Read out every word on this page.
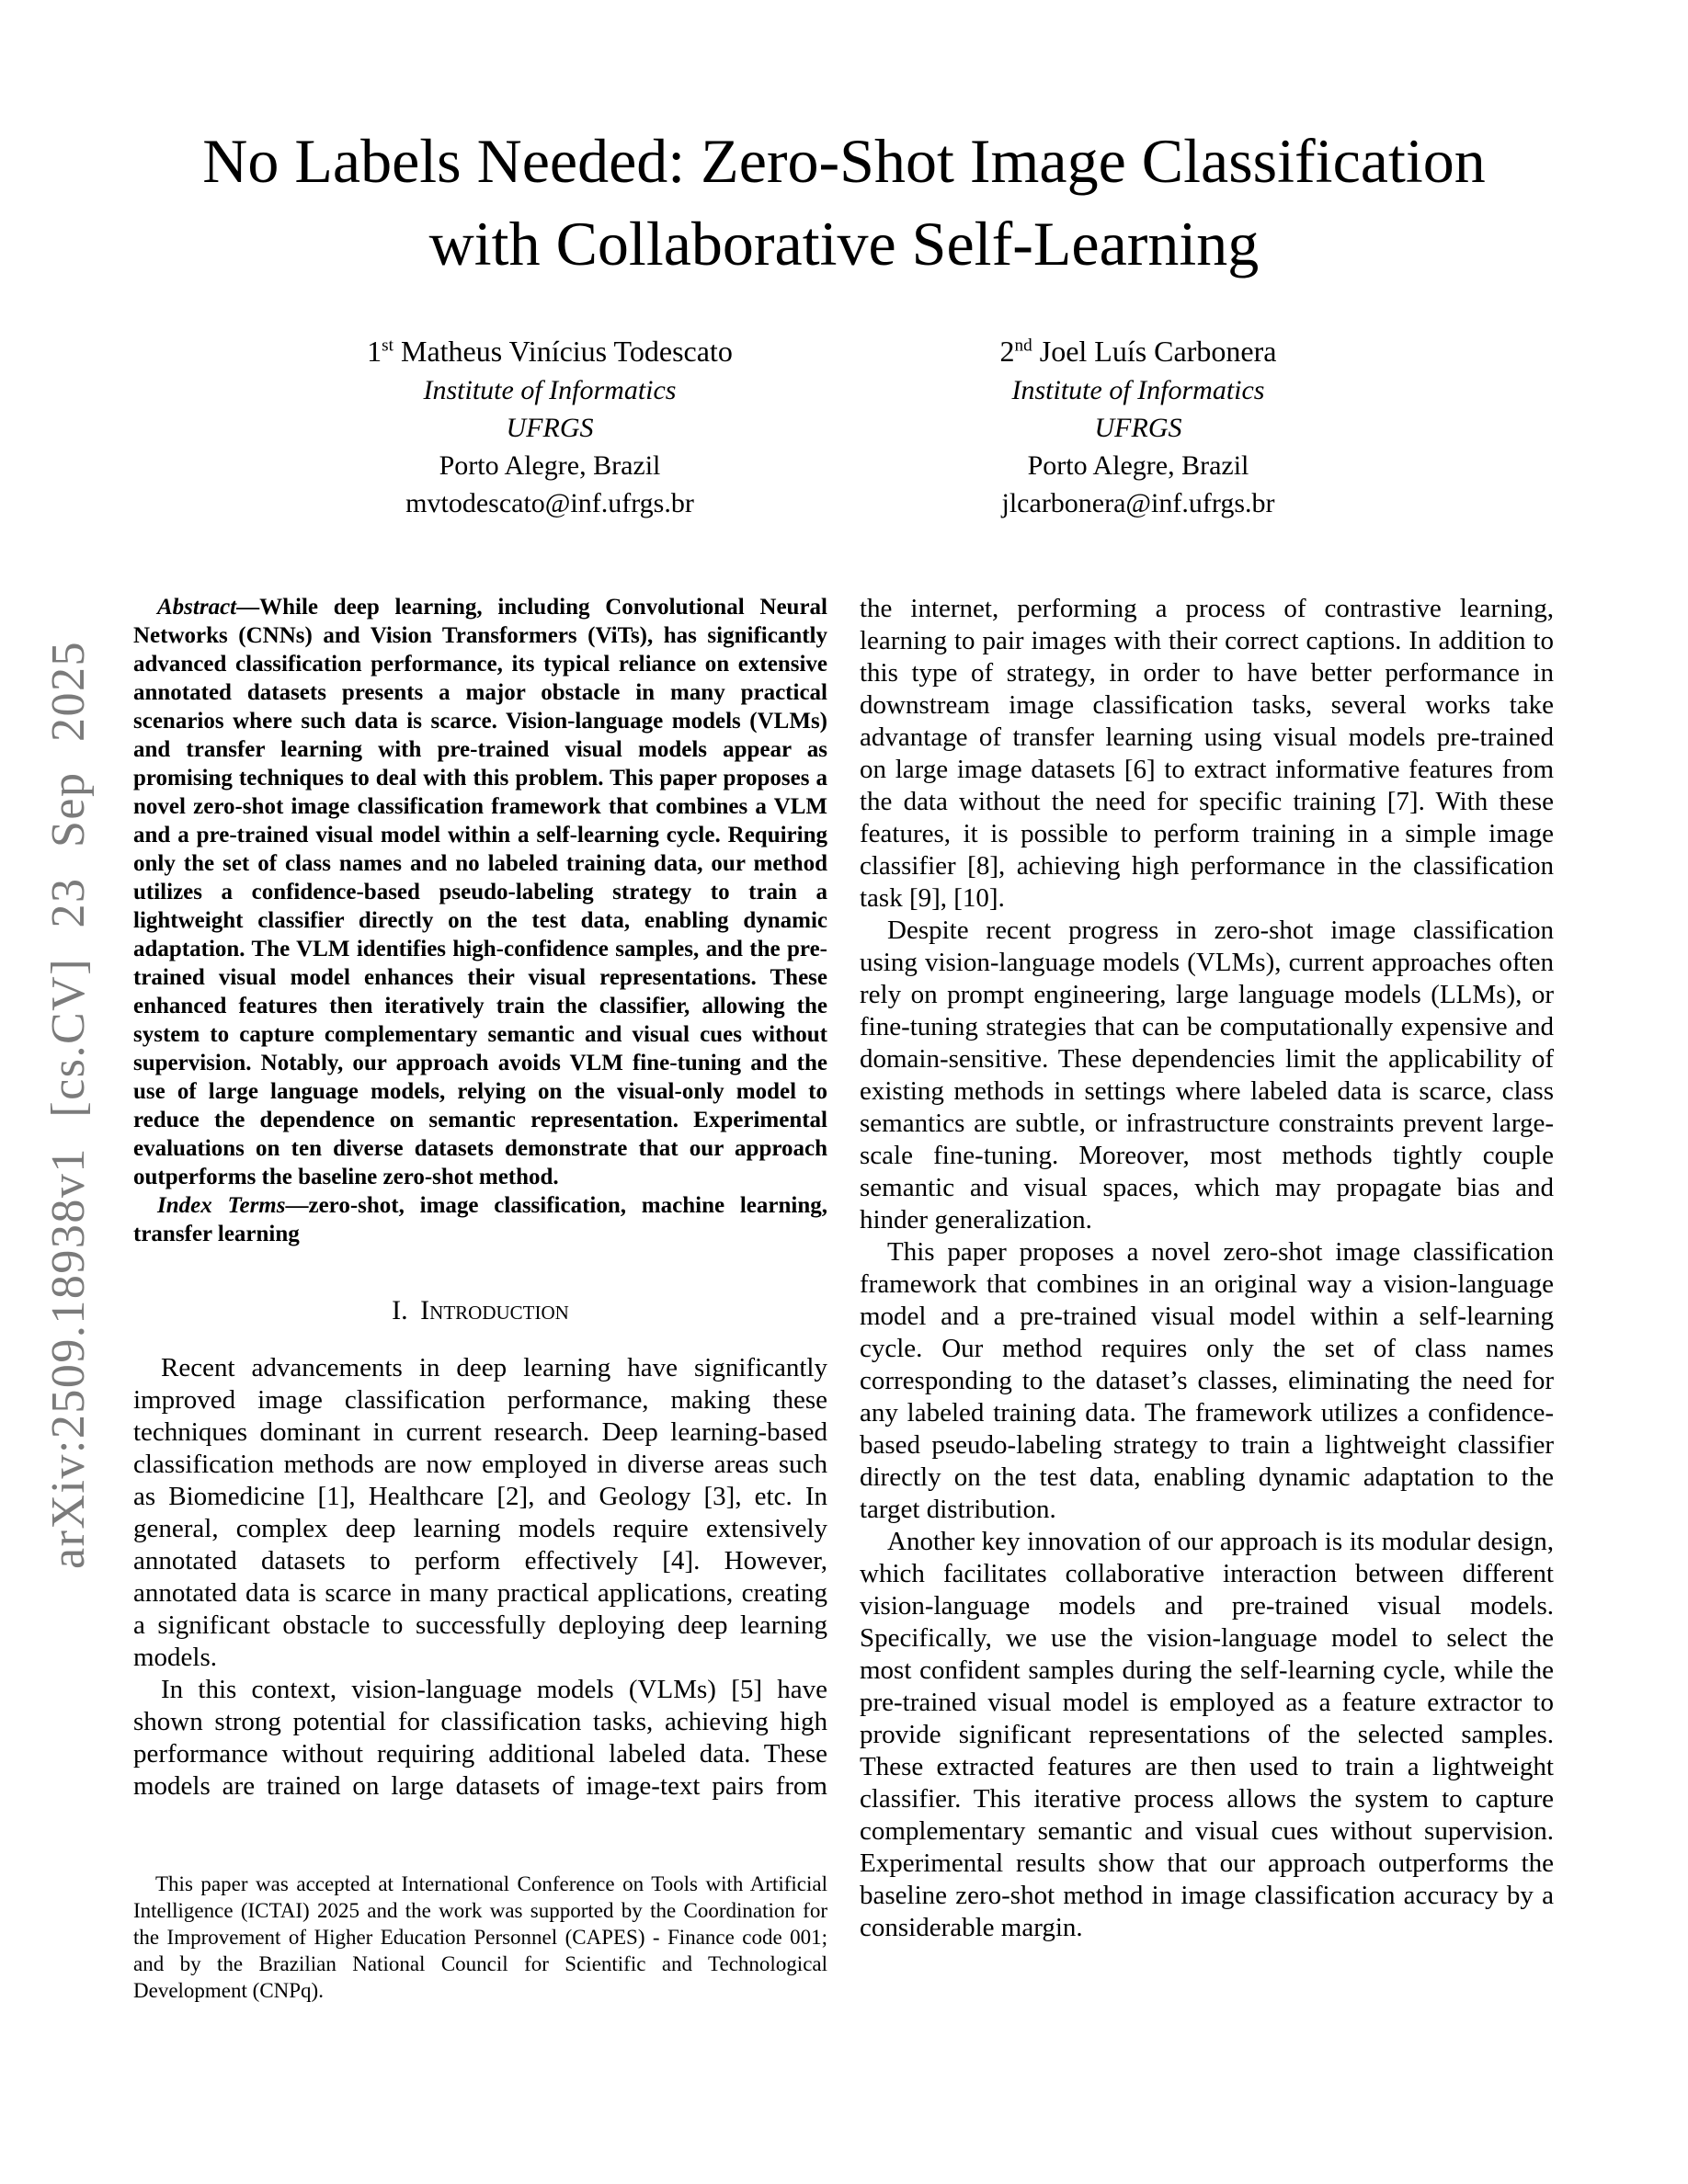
arXiv:2509.18938v1 [cs.CV] 23 Sep 2025
No Labels Needed: Zero-Shot Image Classification
with Collaborative Self-Learning
1st Matheus Vinícius Todescato
Institute of Informatics
UFRGS
Porto Alegre, Brazil
mvtodescato@inf.ufrgs.br
2nd Joel Luís Carbonera
Institute of Informatics
UFRGS
Porto Alegre, Brazil
jlcarbonera@inf.ufrgs.br

Abstract—While deep learning, including Convolutional Neural Networks (CNNs) and Vision Transformers (ViTs), has significantly advanced classification performance, its typical reliance on extensive annotated datasets presents a major obstacle in many practical scenarios where such data is scarce. Vision-language models (VLMs) and transfer learning with pre-trained visual models appear as promising techniques to deal with this problem. This paper proposes a novel zero-shot image classification framework that combines a VLM and a pre-trained visual model within a self-learning cycle. Requiring only the set of class names and no labeled training data, our method utilizes a confidence-based pseudo-labeling strategy to train a lightweight classifier directly on the test data, enabling dynamic adaptation. The VLM identifies high-confidence samples, and the pre-trained visual model enhances their visual representations. These enhanced features then iteratively train the classifier, allowing the system to capture complementary semantic and visual cues without supervision. Notably, our approach avoids VLM fine-tuning and the use of large language models, relying on the visual-only model to reduce the dependence on semantic representation. Experimental evaluations on ten diverse datasets demonstrate that our approach outperforms the baseline zero-shot method.

Index Terms—zero-shot, image classification, machine learning, transfer learning

I. Introduction

Recent advancements in deep learning have significantly improved image classification performance, making these techniques dominant in current research. Deep learning-based classification methods are now employed in diverse areas such as Biomedicine [1], Healthcare [2], and Geology [3], etc. In general, complex deep learning models require extensively annotated datasets to perform effectively [4]. However, annotated data is scarce in many practical applications, creating a significant obstacle to successfully deploying deep learning models.

In this context, vision-language models (VLMs) [5] have shown strong potential for classification tasks, achieving high performance without requiring additional labeled data. These models are trained on large datasets of image-text pairs from

This paper was accepted at International Conference on Tools with Artificial Intelligence (ICTAI) 2025 and the work was supported by the Coordination for the Improvement of Higher Education Personnel (CAPES) - Finance code 001; and by the Brazilian National Council for Scientific and Technological Development (CNPq).

the internet, performing a process of contrastive learning, learning to pair images with their correct captions. In addition to this type of strategy, in order to have better performance in downstream image classification tasks, several works take advantage of transfer learning using visual models pre-trained on large image datasets [6] to extract informative features from the data without the need for specific training [7]. With these features, it is possible to perform training in a simple image classifier [8], achieving high performance in the classification task [9], [10].

Despite recent progress in zero-shot image classification using vision-language models (VLMs), current approaches often rely on prompt engineering, large language models (LLMs), or fine-tuning strategies that can be computationally expensive and domain-sensitive. These dependencies limit the applicability of existing methods in settings where labeled data is scarce, class semantics are subtle, or infrastructure constraints prevent large-scale fine-tuning. Moreover, most methods tightly couple semantic and visual spaces, which may propagate bias and hinder generalization.

This paper proposes a novel zero-shot image classification framework that combines in an original way a vision-language model and a pre-trained visual model within a self-learning cycle. Our method requires only the set of class names corresponding to the dataset’s classes, eliminating the need for any labeled training data. The framework utilizes a confidence-based pseudo-labeling strategy to train a lightweight classifier directly on the test data, enabling dynamic adaptation to the target distribution.

Another key innovation of our approach is its modular design, which facilitates collaborative interaction between different vision-language models and pre-trained visual models. Specifically, we use the vision-language model to select the most confident samples during the self-learning cycle, while the pre-trained visual model is employed as a feature extractor to provide significant representations of the selected samples. These extracted features are then used to train a lightweight classifier. This iterative process allows the system to capture complementary semantic and visual cues without supervision. Experimental results show that our approach outperforms the baseline zero-shot method in image classification accuracy by a considerable margin.
